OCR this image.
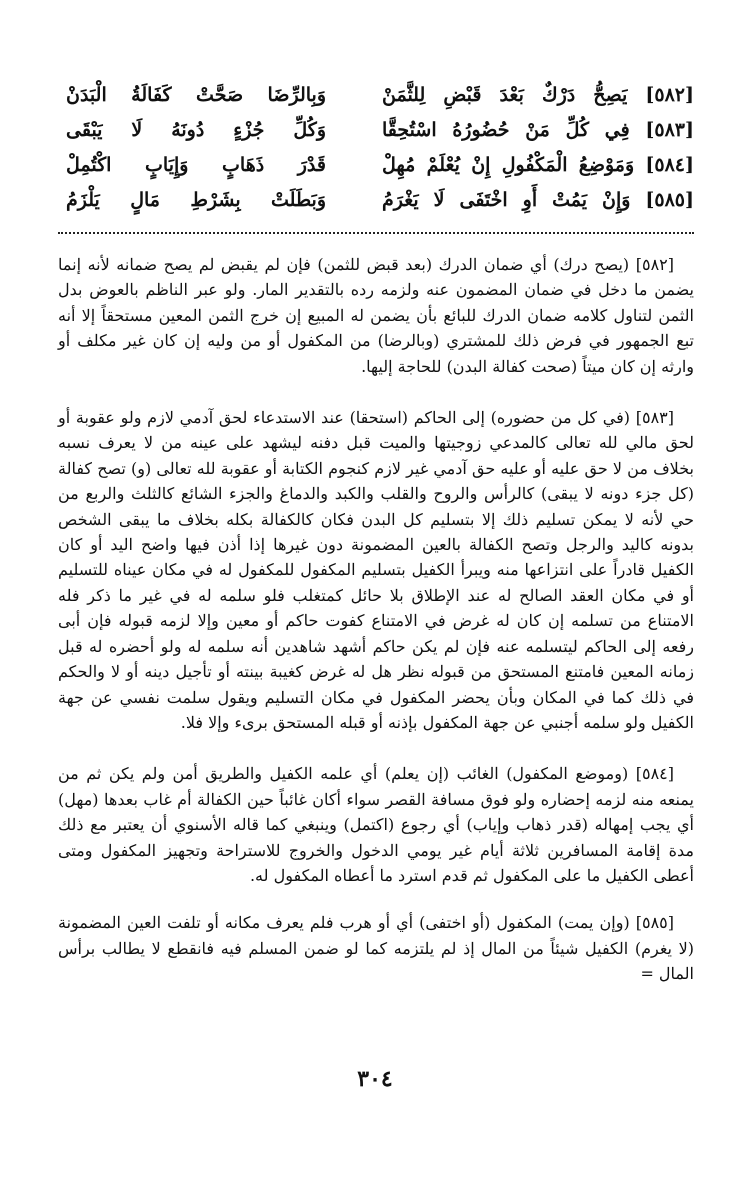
[٥٨٢] يَصِحُّ دَرْكٌ بَعْدَ قَبْضِ لِلثَّمَنْ
وَبِالرِّضَا صَحَّتْ كَفَالَةُ الْبَدَنْ
[٥٨٣] فِي كُلِّ مَنْ حُضُورُهُ اسْتُحِقَّا
وَكُلِّ جُزْءٍ دُونَهُ لَا يَبْقَى
[٥٨٤] وَمَوْضِعُ الْمَكْفُولِ إِنْ يُعْلَمْ مُهِلْ
قَدْرَ ذَهَابٍ وَإِيَابٍ اكْتُمِلْ
[٥٨٥] وَإِنْ يَمُتْ أَوِ اخْتَفَى لَا يَغْرَمُ
وَبَطَلَتْ بِشَرْطِ مَالٍ يَلْزَمُ

[٥٨٢] (يصح درك) أي ضمان الدرك (بعد قبض للثمن) فإن لم يقبض لم يصح ضمانه لأنه إنما يضمن ما دخل في ضمان المضمون عنه ولزمه رده بالتقدير المار. ولو عبر الناظم بالعوض بدل الثمن لتناول كلامه ضمان الدرك للبائع بأن يضمن له المبيع إن خرج الثمن المعين مستحقاً إلا أنه تبع الجمهور في فرض ذلك للمشتري (وبالرضا) من المكفول أو من وليه إن كان غير مكلف أو وارثه إن كان ميتاً (صحت كفالة البدن) للحاجة إليها.

[٥٨٣] (في كل من حضوره) إلى الحاكم (استحقا) عند الاستدعاء لحق آدمي لازم ولو عقوبة أو لحق مالي لله تعالى كالمدعي زوجيتها والميت قبل دفنه ليشهد على عينه من لا يعرف نسبه بخلاف من لا حق عليه أو عليه حق آدمي غير لازم كنجوم الكتابة أو عقوبة لله تعالى (و) تصح كفالة (كل جزء دونه لا يبقى) كالرأس والروح والقلب والكبد والدماغ والجزء الشائع كالثلث والربع من حي لأنه لا يمكن تسليم ذلك إلا بتسليم كل البدن فكان كالكفالة بكله بخلاف ما يبقى الشخص بدونه كاليد والرجل وتصح الكفالة بالعين المضمونة دون غيرها إذا أذن فيها واضح اليد أو كان الكفيل قادراً على انتزاعها منه ويبرأ الكفيل بتسليم المكفول للمكفول له في مكان عيناه للتسليم أو في مكان العقد الصالح له عند الإطلاق بلا حائل كمتغلب فلو سلمه له في غير ما ذكر فله الامتناع من تسلمه إن كان له غرض في الامتناع كفوت حاكم أو معين وإلا لزمه قبوله فإن أبى رفعه إلى الحاكم ليتسلمه عنه فإن لم يكن حاكم أشهد شاهدين أنه سلمه له ولو أحضره له قبل زمانه المعين فامتنع المستحق من قبوله نظر هل له غرض كغيبة بينته أو تأجيل دينه أو لا والحكم في ذلك كما في المكان وبأن يحضر المكفول في مكان التسليم ويقول سلمت نفسي عن جهة الكفيل ولو سلمه أجنبي عن جهة المكفول بإذنه أو قبله المستحق برىء وإلا فلا.

[٥٨٤] (وموضع المكفول) الغائب (إن يعلم) أي علمه الكفيل والطريق أمن ولم يكن ثم من يمنعه منه لزمه إحضاره ولو فوق مسافة القصر سواء أكان غائباً حين الكفالة أم غاب بعدها (مهل) أي يجب إمهاله (قدر ذهاب وإياب) أي رجوع (اكتمل) وينبغي كما قاله الأسنوي أن يعتبر مع ذلك مدة إقامة المسافرين ثلاثة أيام غير يومي الدخول والخروج للاستراحة وتجهيز المكفول ومتى أعطى الكفيل ما على المكفول ثم قدم استرد ما أعطاه المكفول له.

[٥٨٥] (وإن يمت) المكفول (أو اختفى) أي أو هرب فلم يعرف مكانه أو تلفت العين المضمونة (لا يغرم) الكفيل شيئاً من المال إذ لم يلتزمه كما لو ضمن المسلم فيه فانقطع لا يطالب برأس المال =

٣٠٤
